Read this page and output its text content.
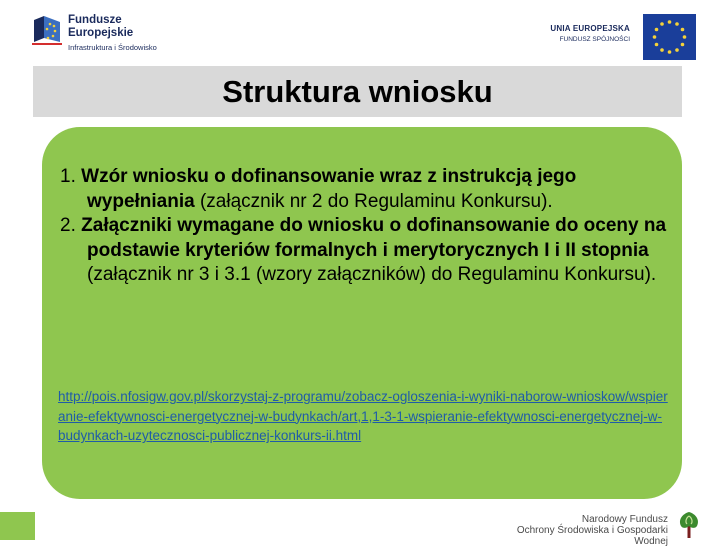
Fundusze
Europejskie
Infrastruktura i Środowisko
UNIA EUROPEJSKA
FUNDUSZ SPÓJNOŚCI
Struktura wniosku
1. Wzór wniosku o dofinansowanie wraz z instrukcją jego wypełniania (załącznik nr 2 do Regulaminu Konkursu).
2. Załączniki wymagane do wniosku o dofinansowanie do oceny na podstawie kryteriów formalnych i merytorycznych I i II stopnia (załącznik nr 3 i 3.1 (wzory załączników) do Regulaminu Konkursu).
http://pois.nfosigw.gov.pl/skorzystaj-z-programu/zobacz-ogloszenia-i-wyniki-naborow-wnioskow/wspieranie-efektywnosci-energetycznej-w-budynkach/art,1,1-3-1-wspieranie-efektywnosci-energetycznej-w-budynkach-uzytecznosci-publicznej-konkurs-ii.html
Narodowy Fundusz
Ochrony Środowiska i Gospodarki Wodnej
